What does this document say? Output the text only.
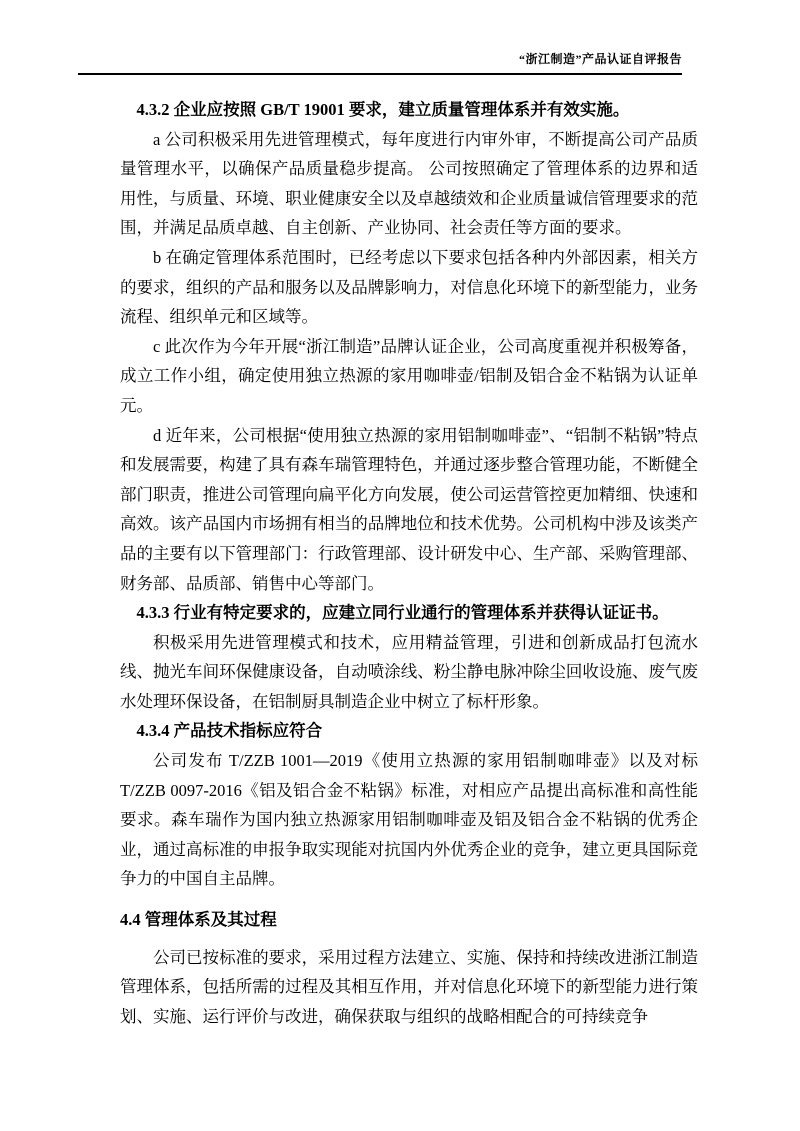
“浙江制造”产品认证自评报告
4.3.2 企业应按照 GB/T 19001 要求，建立质量管理体系并有效实施。

a 公司积极采用先进管理模式，每年度进行内审外审，不断提高公司产品质量管理水平，以确保产品质量稳步提高。 公司按照确定了管理体系的边界和适用性，与质量、环境、职业健康安全以及卓越绩效和企业质量诚信管理要求的范围，并满足品质卓越、自主创新、产业协同、社会责任等方面的要求。

b 在确定管理体系范围时，已经考虑以下要求包括各种内外部因素，相关方的要求，组织的产品和服务以及品牌影响力，对信息化环境下的新型能力，业务流程、组织单元和区域等。

c 此次作为今年开展“浙江制造”品牌认证企业，公司高度重视并积极筹备，成立工作小组，确定使用独立热源的家用咖啡壶/铝制及铝合金不粘锅为认证单元。

d 近年来，公司根据“使用独立热源的家用铝制咖啡壶”、“铝制不粘锅”特点和发展需要，构建了具有森车瑞管理特色，并通过逐步整合管理功能，不断健全部门职责，推进公司管理向扁平化方向发展，使公司运营管控更加精细、快速和高效。该产品国内市场拥有相当的品牌地位和技术优势。公司机构中涉及该类产品的主要有以下管理部门：行政管理部、设计研发中心、生产部、采购管理部、财务部、品质部、销售中心等部门。

4.3.3 行业有特定要求的，应建立同行业通行的管理体系并获得认证证书。

积极采用先进管理模式和技术，应用精益管理，引进和创新成品打包流水线、抛光车间环保健康设备，自动喷涂线、粉尘静电脉冲除尘回收设施、废气废水处理环保设备，在铝制厨具制造企业中树立了标杆形象。

4.3.4 产品技术指标应符合

公司发布 T/ZZB 1001—2019《使用立热源的家用铝制咖啡壶》以及对标 T/ZZB 0097-2016《铝及铝合金不粘锅》标准，对相应产品提出高标准和高性能要求。森车瑞作为国内独立热源家用铝制咖啡壶及铝及铝合金不粘锅的优秀企业，通过高标准的申报争取实现能对抗国内外优秀企业的竞争，建立更具国际竞争力的中国自主品牌。

4.4 管理体系及其过程

公司已按标准的要求，采用过程方法建立、实施、保持和持续改进浙江制造管理体系，包括所需的过程及其相互作用，并对信息化环境下的新型能力进行策划、实施、运行评价与改进，确保获取与组织的战略相配合的可持续竞争
